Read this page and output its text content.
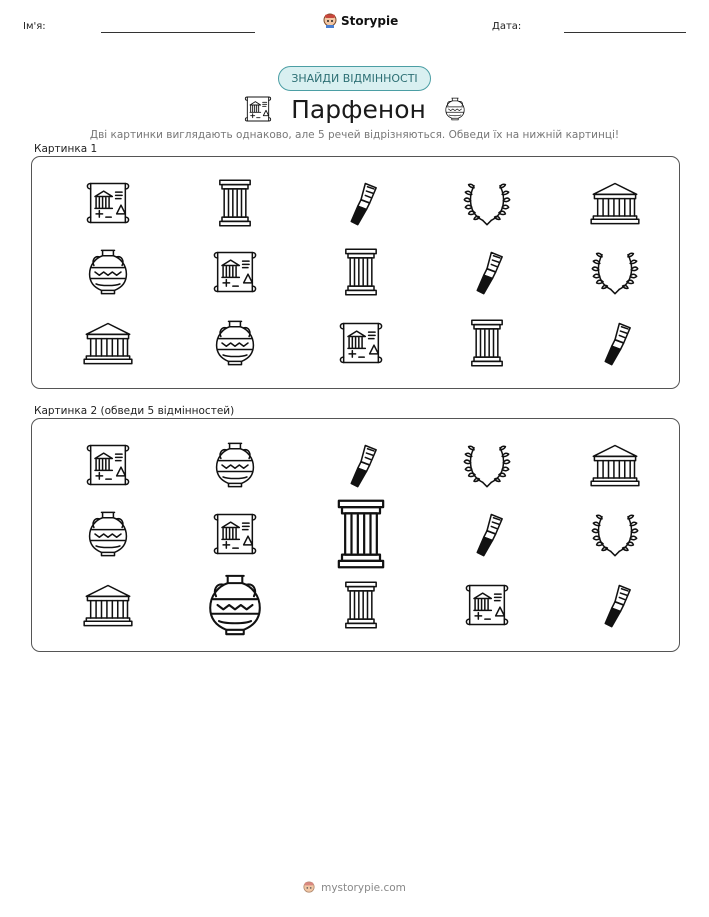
Ім'я:	Storypie	Дата:
ЗНАЙДИ ВІДМІННОСТІ
Парфенон
Дві картинки виглядають однаково, але 5 речей відрізняються. Обведи їх на нижній картинці!
Картинка 1
Картинка 2 (обведи 5 відмінностей)
mystorypie.com
